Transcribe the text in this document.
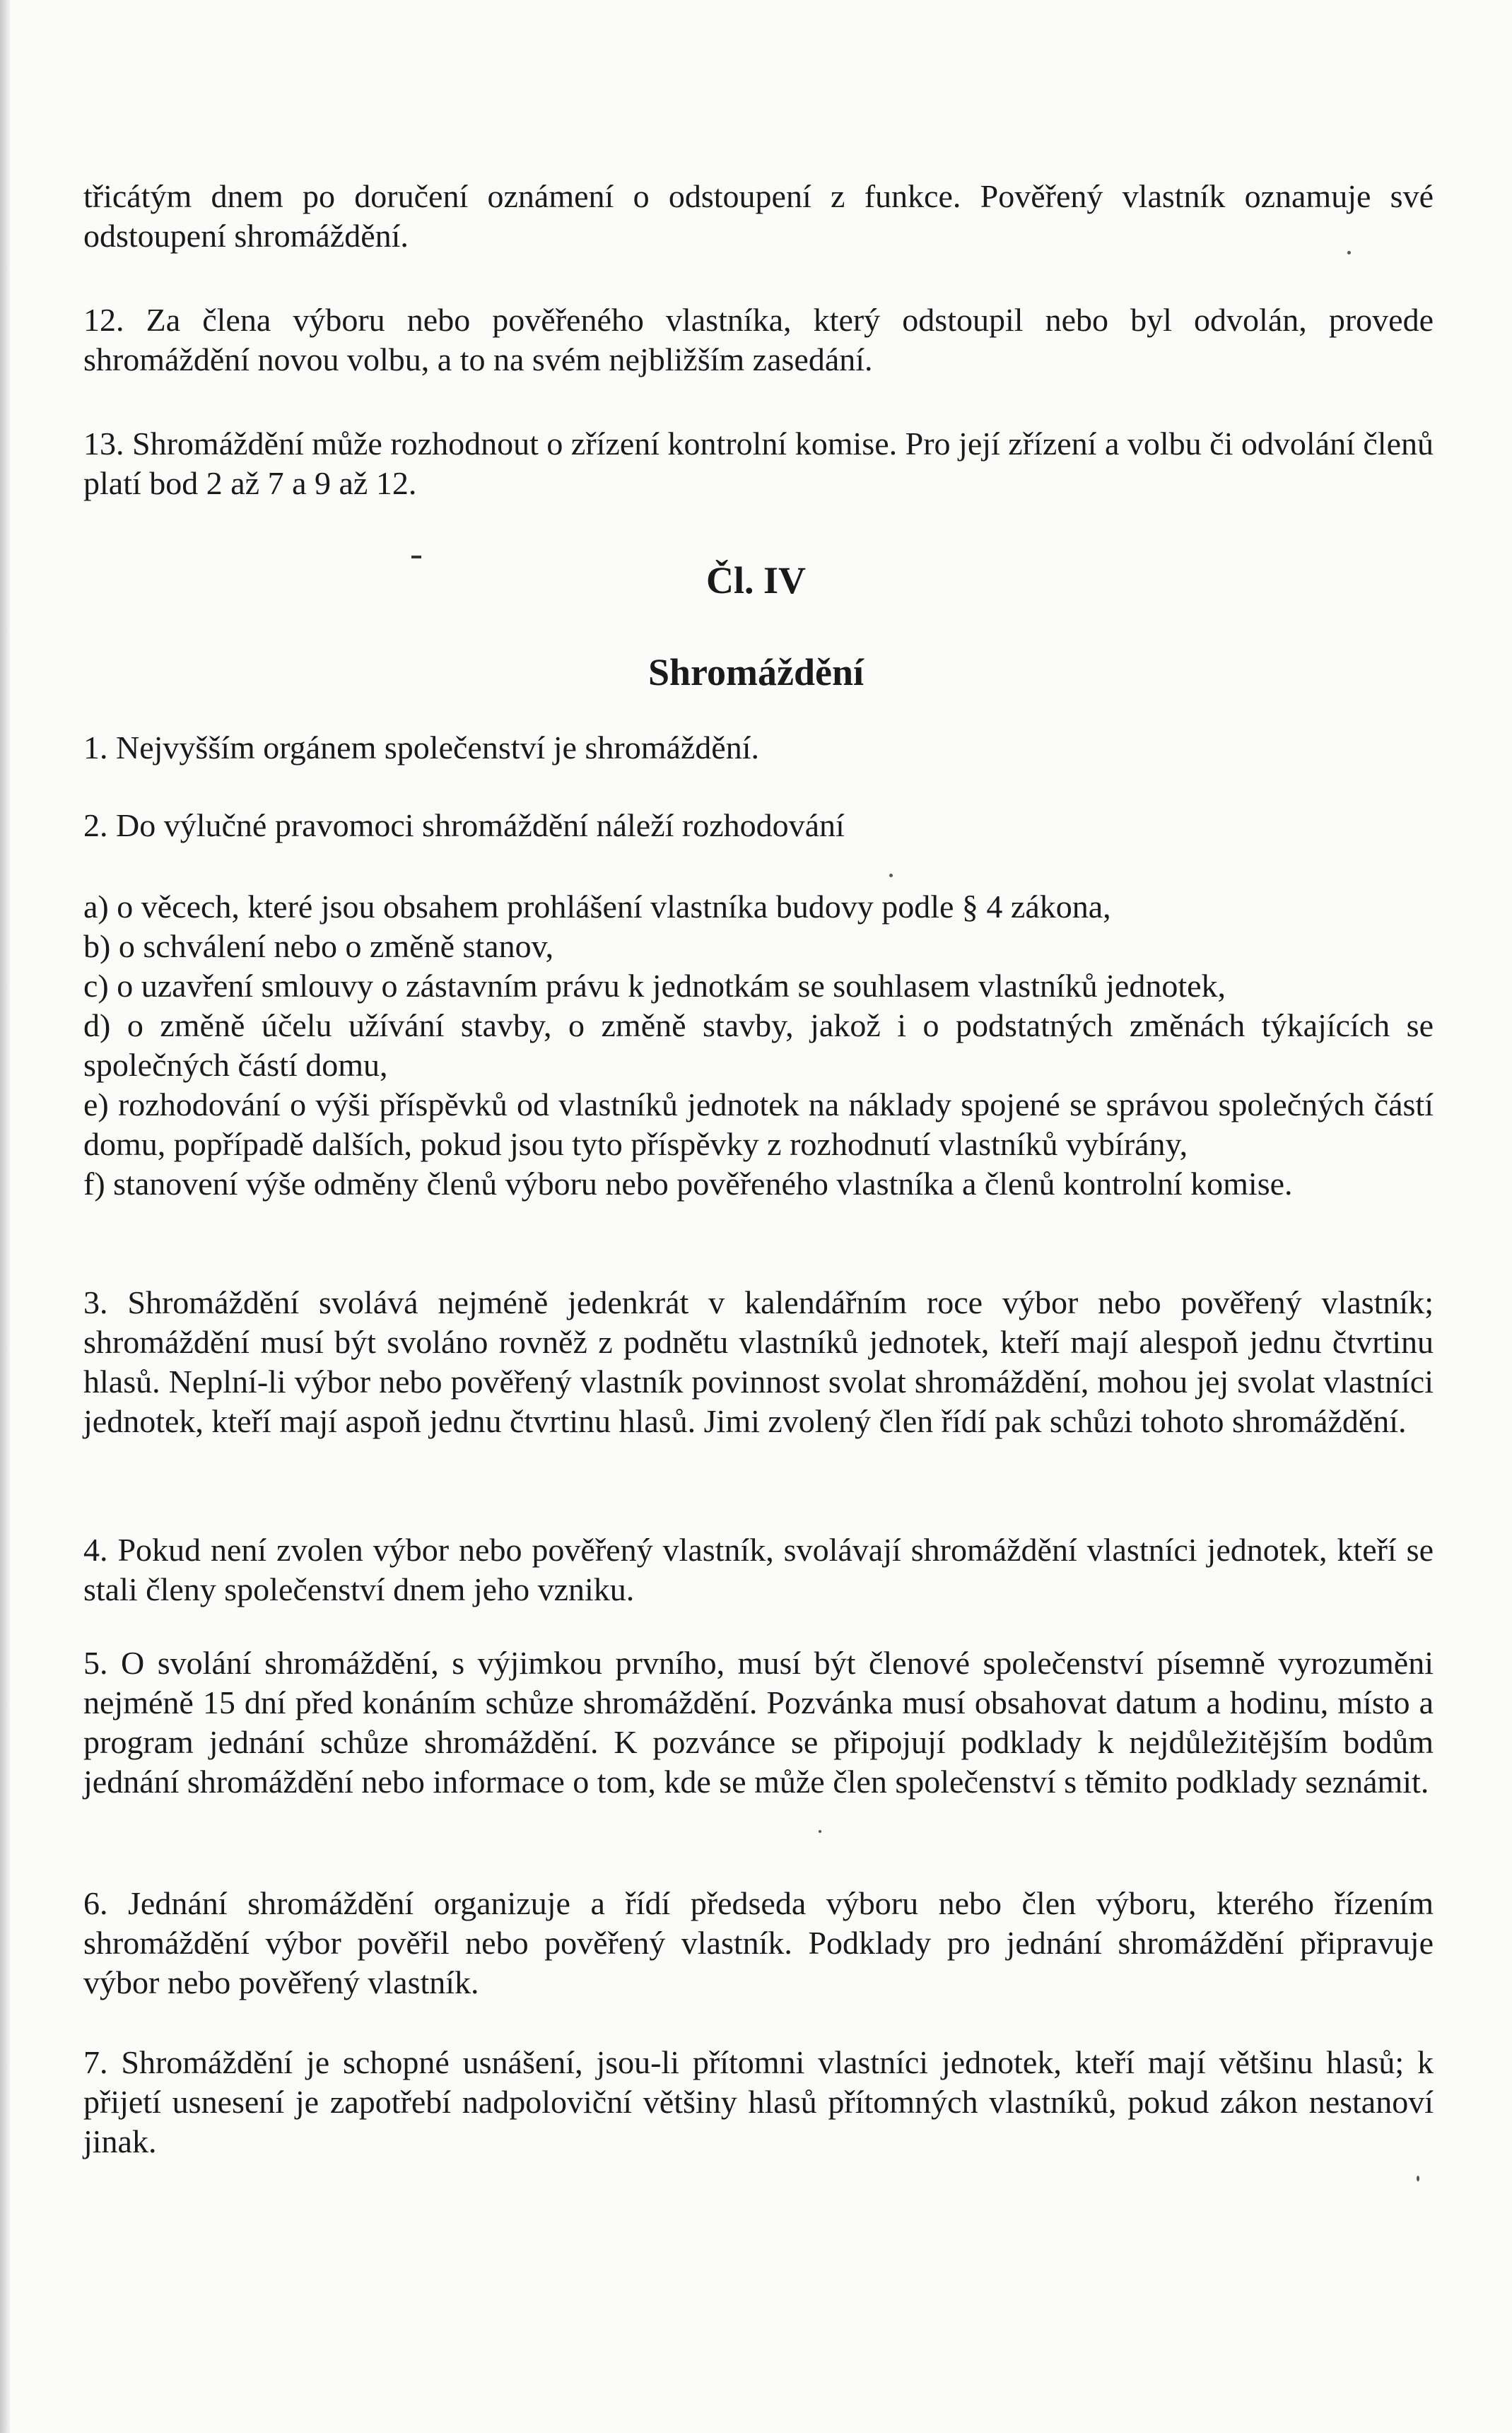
třicátým dnem po doručení oznámení o odstoupení z funkce. Pověřený vlastník oznamuje své odstoupení shromáždění.

12. Za člena výboru nebo pověřeného vlastníka, který odstoupil nebo byl odvolán, provede shromáždění novou volbu, a to na svém nejbližším zasedání.

13. Shromáždění může rozhodnout o zřízení kontrolní komise. Pro její zřízení a volbu či odvolání členů platí bod 2 až 7 a 9 až 12.

Čl. IV
Shromáždění

1. Nejvyšším orgánem společenství je shromáždění.

2. Do výlučné pravomoci shromáždění náleží rozhodování

a) o věcech, které jsou obsahem prohlášení vlastníka budovy podle § 4 zákona,
b) o schválení nebo o změně stanov,
c) o uzavření smlouvy o zástavním právu k jednotkám se souhlasem vlastníků jednotek,
d) o změně účelu užívání stavby, o změně stavby, jakož i o podstatných změnách týkajících se společných částí domu,
e) rozhodování o výši příspěvků od vlastníků jednotek na náklady spojené se správou společných částí domu, popřípadě dalších, pokud jsou tyto příspěvky z rozhodnutí vlastníků vybírány,
f) stanovení výše odměny členů výboru nebo pověřeného vlastníka a členů kontrolní komise.

3. Shromáždění svolává nejméně jedenkrát v kalendářním roce výbor nebo pověřený vlastník; shromáždění musí být svoláno rovněž z podnětu vlastníků jednotek, kteří mají alespoň jednu čtvrtinu hlasů. Neplní-li výbor nebo pověřený vlastník povinnost svolat shromáždění, mohou jej svolat vlastníci jednotek, kteří mají aspoň jednu čtvrtinu hlasů. Jimi zvolený člen řídí pak schůzi tohoto shromáždění.

4. Pokud není zvolen výbor nebo pověřený vlastník, svolávají shromáždění vlastníci jednotek, kteří se stali členy společenství dnem jeho vzniku.

5. O svolání shromáždění, s výjimkou prvního, musí být členové společenství písemně vyrozuměni nejméně 15 dní před konáním schůze shromáždění. Pozvánka musí obsahovat datum a hodinu, místo a program jednání schůze shromáždění. K pozvánce se připojují podklady k nejdůležitějším bodům jednání shromáždění nebo informace o tom, kde se může člen společenství s těmito podklady seznámit.

6. Jednání shromáždění organizuje a řídí předseda výboru nebo člen výboru, kterého řízením shromáždění výbor pověřil nebo pověřený vlastník. Podklady pro jednání shromáždění připravuje výbor nebo pověřený vlastník.

7. Shromáždění je schopné usnášení, jsou-li přítomni vlastníci jednotek, kteří mají většinu hlasů; k přijetí usnesení je zapotřebí nadpoloviční většiny hlasů přítomných vlastníků, pokud zákon nestanoví jinak.
